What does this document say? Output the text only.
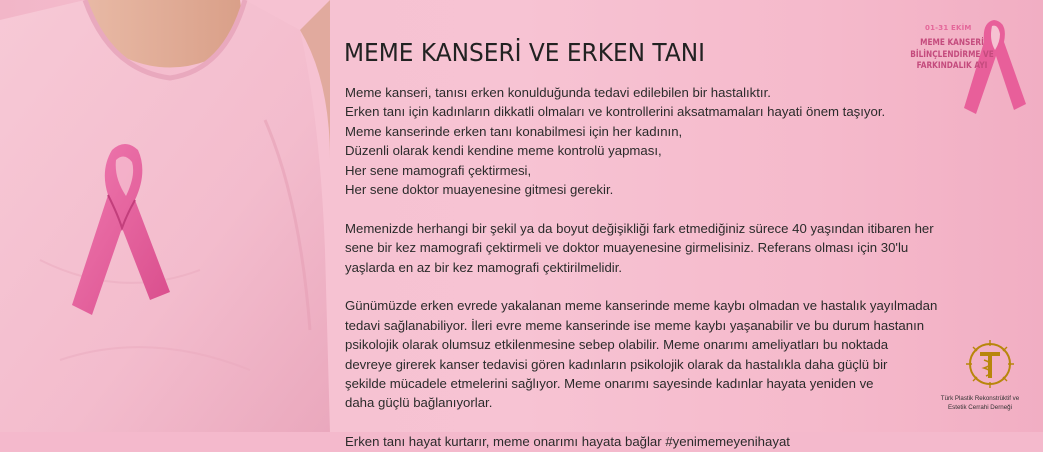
MEME KANSERİ VE ERKEN TANI

Meme kanseri, tanısı erken konulduğunda tedavi edilebilen bir hastalıktır.
Erken tanı için kadınların dikkatli olmaları ve kontrollerini aksatmamaları hayati önem taşıyor.
Meme kanserinde erken tanı konabilmesi için her kadının,
Düzenli olarak kendi kendine meme kontrolü yapması,
Her sene mamografi çektirmesi,
Her sene doktor muayenesine gitmesi gerekir.

Memenizde herhangi bir şekil ya da boyut değişikliği fark etmediğiniz sürece 40 yaşından itibaren her
sene bir kez mamografi çektirmeli ve doktor muayenesine girmelisiniz. Referans olması için 30'lu
yaşlarda en az bir kez mamografi çektirilmelidir.

Günümüzde erken evrede yakalanan meme kanserinde meme kaybı olmadan ve hastalık yayılmadan
tedavi sağlanabiliyor. İleri evre meme kanserinde ise meme kaybı yaşanabilir ve bu durum hastanın
psikolojik olarak olumsuz etkilenmesine sebep olabilir. Meme onarımı ameliyatları bu noktada
devreye girerek kanser tedavisi gören kadınların psikolojik olarak da hastalıkla daha güçlü bir
şekilde mücadele etmelerini sağlıyor. Meme onarımı sayesinde kadınlar hayata yeniden ve
daha güçlü bağlanıyorlar.

Erken tanı hayat kurtarır, meme onarımı hayata bağlar #yenimemeyenihayat

01-31 EKİM
MEME KANSERİ
BİLİNÇLENDİRME VE
FARKINDALIK AYI
Türk Plastik Rekonstrüktif ve
Estetik Cerrahi Derneği
